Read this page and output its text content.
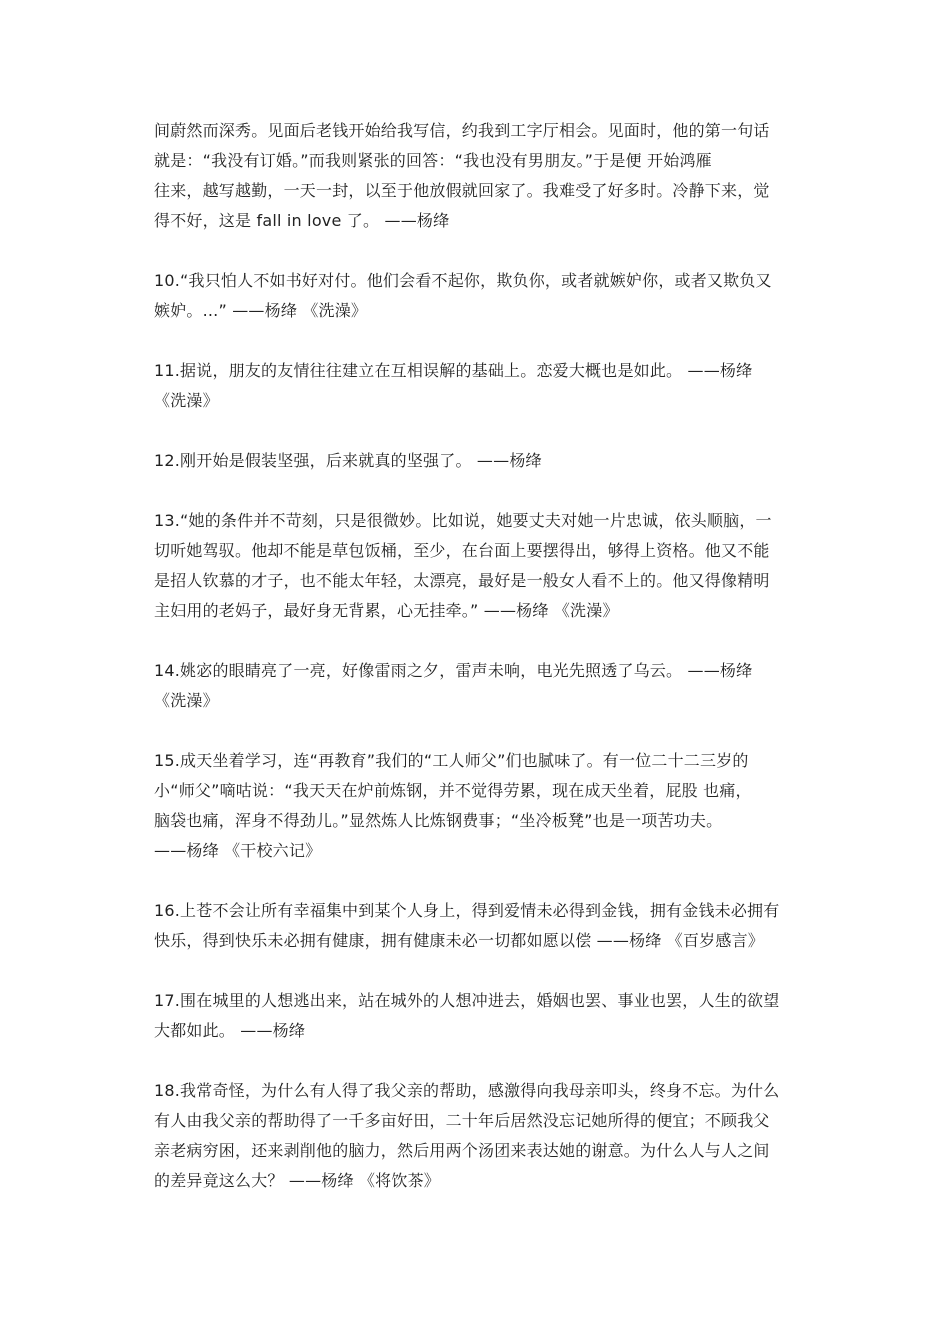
间蔚然而深秀。见面后老钱开始给我写信，约我到工字厅相会。见面时，他的第一句话
就是：“我没有订婚。”而我则紧张的回答：“我也没有男朋友。”于是便 开始鸿雁
往来，越写越勤，一天一封，以至于他放假就回家了。我难受了好多时。冷静下来，觉
得不好，这是 fall in love 了。 ——杨绛

10.“我只怕人不如书好对付。他们会看不起你，欺负你，或者就嫉妒你，或者又欺负又
嫉妒。...” ——杨绛 《洗澡》

11.据说，朋友的友情往往建立在互相误解的基础上。恋爱大概也是如此。 ——杨绛
《洗澡》

12.刚开始是假装坚强，后来就真的坚强了。 ——杨绛

13.“她的条件并不苛刻，只是很微妙。比如说，她要丈夫对她一片忠诚，依头顺脑，一
切听她驾驭。他却不能是草包饭桶，至少，在台面上要摆得出，够得上资格。他又不能
是招人钦慕的才子，也不能太年轻，太漂亮，最好是一般女人看不上的。他又得像精明
主妇用的老妈子，最好身无背累，心无挂牵。” ——杨绛 《洗澡》

14.姚宓的眼睛亮了一亮，好像雷雨之夕，雷声未响，电光先照透了乌云。 ——杨绛
《洗澡》

15.成天坐着学习，连“再教育”我们的“工人师父”们也腻味了。有一位二十二三岁的
小“师父”嘀咕说：“我天天在炉前炼钢，并不觉得劳累，现在成天坐着，屁股 也痛，
脑袋也痛，浑身不得劲儿。”显然炼人比炼钢费事；“坐冷板凳”也是一项苦功夫。
——杨绛 《干校六记》

16.上苍不会让所有幸福集中到某个人身上，得到爱情未必得到金钱，拥有金钱未必拥有
快乐，得到快乐未必拥有健康，拥有健康未必一切都如愿以偿 ——杨绛 《百岁感言》

17.围在城里的人想逃出来，站在城外的人想冲进去，婚姻也罢、事业也罢，人生的欲望
大都如此。 ——杨绛

18.我常奇怪，为什么有人得了我父亲的帮助，感激得向我母亲叩头，终身不忘。为什么
有人由我父亲的帮助得了一千多亩好田，二十年后居然没忘记她所得的便宜；不顾我父
亲老病穷困，还来剥削他的脑力，然后用两个汤团来表达她的谢意。为什么人与人之间
的差异竟这么大？ ——杨绛 《将饮茶》
